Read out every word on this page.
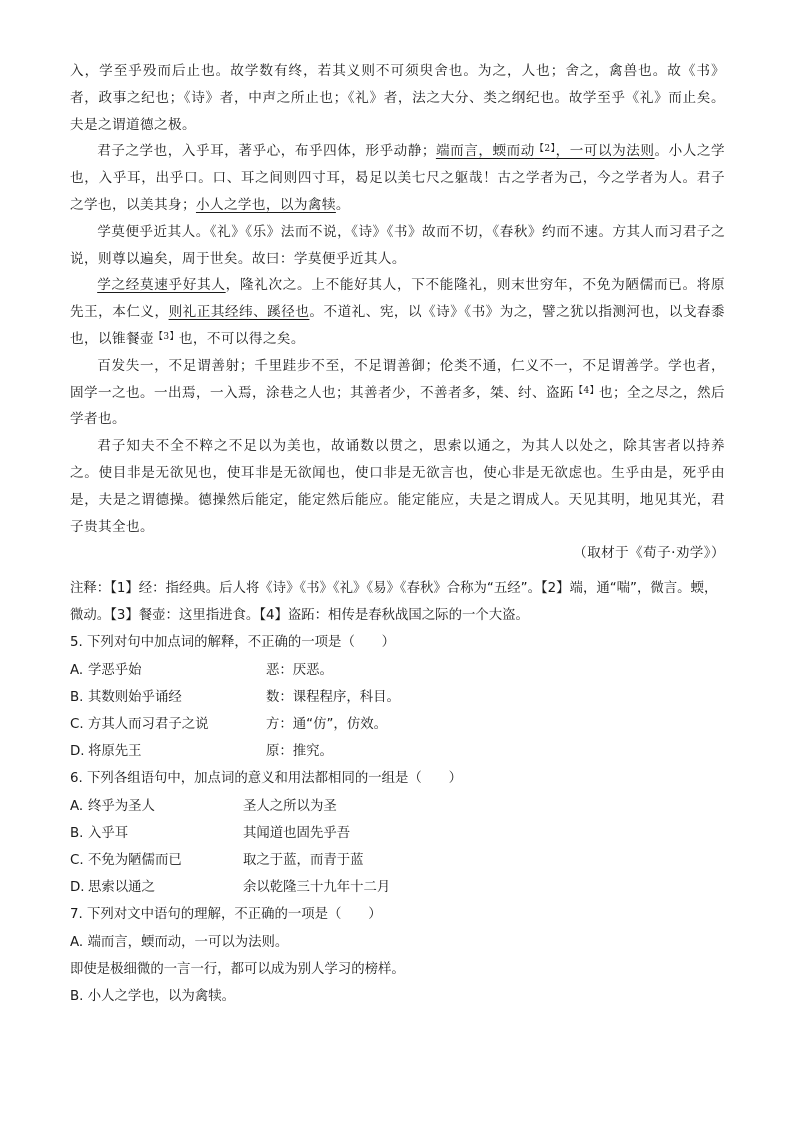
入，学至乎殁而后止也。故学数有终，若其义则不可须臾舍也。为之，人也；舍之，禽兽也。故《书》者，政事之纪也；《诗》者，中声之所止也；《礼》者，法之大分、类之纲纪也。故学至乎《礼》而止矣。夫是之谓道德之极。

君子之学也，入乎耳，著乎心，布乎四体，形乎动静；端而言，蝡而动$^{【2】}$，一可以为法则。小人之学也，入乎耳，出乎口。口、耳之间则四寸耳，曷足以美七尺之躯哉！古之学者为己，今之学者为人。君子之学也，以美其身；小人之学也，以为禽犊。

学莫便乎近其人。《礼》《乐》法而不说，《诗》《书》故而不切，《春秋》约而不速。方其人而习君子之说，则尊以遍矣，周于世矣。故曰：学莫便乎近其人。

学之经莫速乎好其人，隆礼次之。上不能好其人，下不能隆礼，则末世穷年，不免为陋儒而已。将原先王，本仁义，则礼正其经纬、蹊径也。不道礼、宪，以《诗》《书》为之，譬之犹以指测河也，以戈舂黍也，以锥餐壶$^{【3】}$也，不可以得之矣。

百发失一，不足谓善射；千里跬步不至，不足谓善御；伦类不通，仁义不一，不足谓善学。学也者，固学一之也。一出焉，一入焉，涂巷之人也；其善者少，不善者多，桀、纣、盗跖$^{【4】}$也；全之尽之，然后学者也。

君子知夫不全不粹之不足以为美也，故诵数以贯之，思索以通之，为其人以处之，除其害者以持养之。使目非是无欲见也，使耳非是无欲闻也，使口非是无欲言也，使心非是无欲虑也。生乎由是，死乎由是，夫是之谓德操。德操然后能定，能定然后能应。能定能应，夫是之谓成人。天见其明，地见其光，君子贵其全也。

（取材于《荀子·劝学》）

注释：【1】经：指经典。后人将《诗》《书》《礼》《易》《春秋》合称为“五经”。【2】端，通“喘”，微言。蝡，微动。【3】餐壶：这里指进食。【4】盗跖：相传是春秋战国之际的一个大盗。

5. 下列对句中加点词的解释，不正确的一项是（　　）

A. 学恶乎始	恶：厌恶。
B. 其数则始乎诵经	数：课程程序，科目。
C. 方其人而习君子之说	方：通“仿”，仿效。
D. 将原先王	原：推究。

6. 下列各组语句中，加点词的意义和用法都相同的一组是（　　）

A. 终乎为圣人	圣人之所以为圣
B. 入乎耳	其闻道也固先乎吾
C. 不免为陋儒而已	取之于蓝，而青于蓝
D. 思索以通之	余以乾隆三十九年十二月

7. 下列对文中语句的理解，不正确的一项是（　　）

A. 端而言，蝡而动，一可以为法则。

即使是极细微的一言一行，都可以成为别人学习的榜样。

B. 小人之学也，以为禽犊。
